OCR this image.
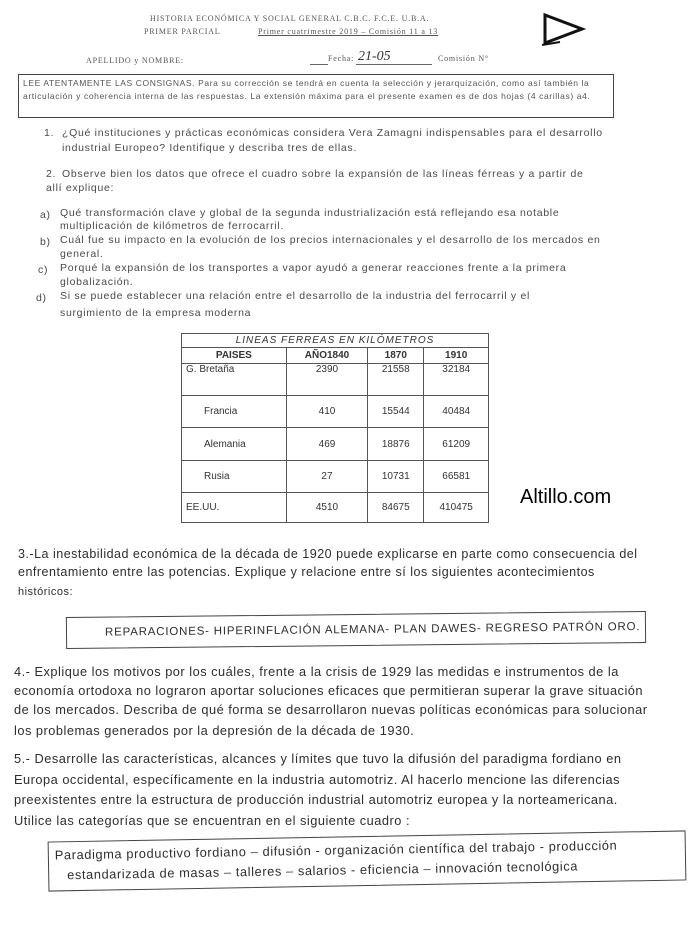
HISTORIA ECONÓMICA Y SOCIAL GENERAL C.B.C. F.C.E. U.B.A.
PRIMER PARCIAL	Primer cuatrimestre 2019 – Comisión 11 a 13
APELLIDO y NOMBRE:	Fecha: 21-05	Comisión N°
LEE ATENTAMENTE LAS CONSIGNAS. Para su corrección se tendrá en cuenta la selección y jerarquización, como así también la articulación y coherencia interna de las respuestas. La extensión máxima para el presente examen es de dos hojas (4 carillas) a4.
1. ¿Qué instituciones y prácticas económicas considera Vera Zamagni indispensables para el desarrollo
industrial Europeo? Identifique y describa tres de ellas.
2. Observe bien los datos que ofrece el cuadro sobre la expansión de las líneas férreas y a partir de
allí explique:
a) Qué transformación clave y global de la segunda industrialización está reflejando esa notable
multiplicación de kilómetros de ferrocarril.
b) Cuál fue su impacto en la evolución de los precios internacionales y el desarrollo de los mercados en
general.
c) Porqué la expansión de los transportes a vapor ayudó a generar reacciones frente a la primera
globalización.
d) Si se puede establecer una relación entre el desarrollo de la industria del ferrocarril y el
surgimiento de la empresa moderna
LINEAS FERREAS EN KILÓMETROS			
PAISES	AÑO1840	1870	1910
G. Bretaña	2390	21558	32184
Francia	410	15544	40484
Alemania	469	18876	61209
Rusia	27	10731	66581
EE.UU.	4510	84675	410475 Altillo.com
3.-La inestabilidad económica de la década de 1920 puede explicarse en parte como consecuencia del
enfrentamiento entre las potencias. Explique y relacione entre sí los siguientes acontecimientos
históricos:
REPARACIONES- HIPERINFLACIÓN ALEMANA- PLAN DAWES- REGRESO PATRÓN ORO.
4.- Explique los motivos por los cuáles, frente a la crisis de 1929 las medidas e instrumentos de la
economía ortodoxa no lograron aportar soluciones eficaces que permitieran superar la grave situación
de los mercados. Describa de qué forma se desarrollaron nuevas políticas económicas para solucionar
los problemas generados por la depresión de la década de 1930.
5.- Desarrolle las características, alcances y límites que tuvo la difusión del paradigma fordiano en
Europa occidental, específicamente en la industria automotriz. Al hacerlo mencione las diferencias
preexistentes entre la estructura de producción industrial automotriz europea y la norteamericana.
Utilice las categorías que se encuentran en el siguiente cuadro :
Paradigma productivo fordiano – difusión - organización científica del trabajo - producción
estandarizada de masas – talleres – salarios - eficiencia – innovación tecnológica
